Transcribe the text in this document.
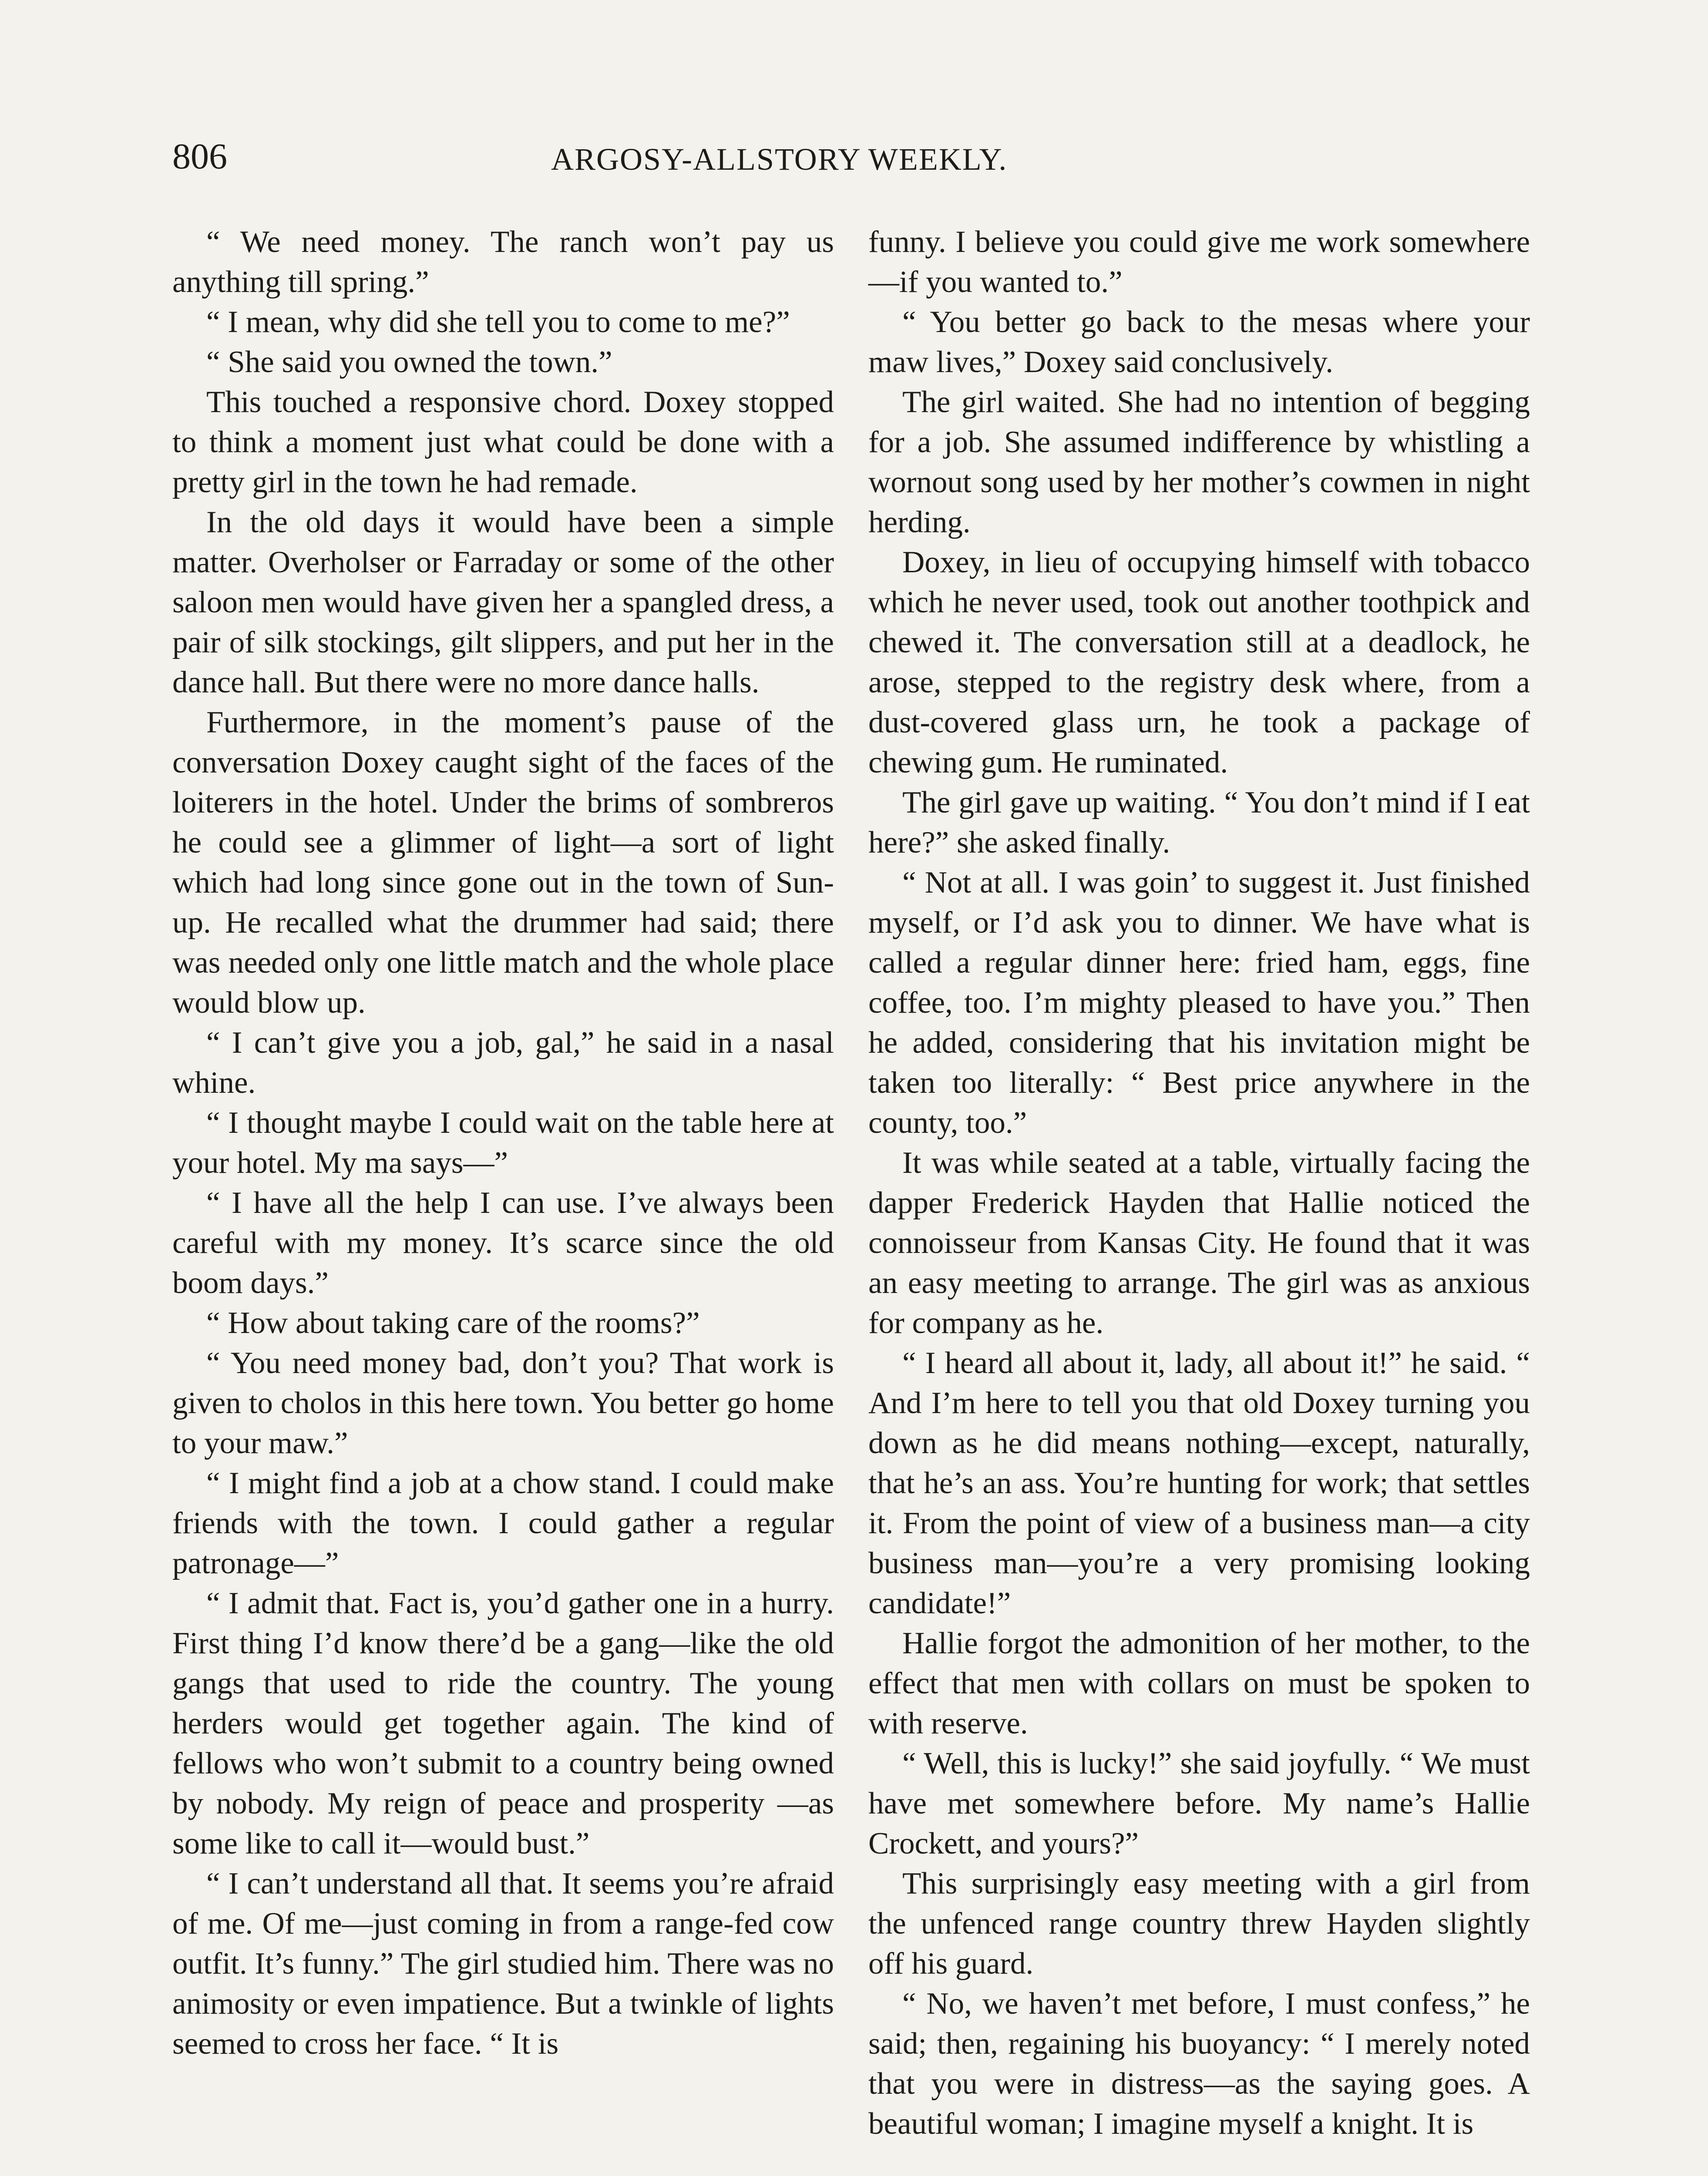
806	ARGOSY-ALLSTORY WEEKLY.

“ We need money. The ranch won’t pay us anything till spring.”

“ I mean, why did she tell you to come to me?”

“ She said you owned the town.”

This touched a responsive chord. Doxey stopped to think a moment just what could be done with a pretty girl in the town he had remade.

In the old days it would have been a simple matter. Overholser or Farraday or some of the other saloon men would have given her a spangled dress, a pair of silk stockings, gilt slippers, and put her in the dance hall. But there were no more dance halls.

Furthermore, in the moment’s pause of the conversation Doxey caught sight of the faces of the loiterers in the hotel. Under the brims of sombreros he could see a glimmer of light—a sort of light which had long since gone out in the town of Sun-up. He recalled what the drummer had said; there was needed only one little match and the whole place would blow up.

“ I can’t give you a job, gal,” he said in a nasal whine.

“ I thought maybe I could wait on the table here at your hotel. My ma says—”

“ I have all the help I can use. I’ve always been careful with my money. It’s scarce since the old boom days.”

“ How about taking care of the rooms?”

“ You need money bad, don’t you? That work is given to cholos in this here town. You better go home to your maw.”

“ I might find a job at a chow stand. I could make friends with the town. I could gather a regular patronage—”

“ I admit that. Fact is, you’d gather one in a hurry. First thing I’d know there’d be a gang—like the old gangs that used to ride the country. The young herders would get together again. The kind of fellows who won’t submit to a country being owned by nobody. My reign of peace and prosperity —as some like to call it—would bust.”

“ I can’t understand all that. It seems you’re afraid of me. Of me—just coming in from a range-fed cow outfit. It’s funny.” The girl studied him. There was no animosity or even impatience. But a twinkle of lights seemed to cross her face. “ It is

funny. I believe you could give me work somewhere—if you wanted to.”

“ You better go back to the mesas where your maw lives,” Doxey said conclusively.

The girl waited. She had no intention of begging for a job. She assumed indifference by whistling a wornout song used by her mother’s cowmen in night herding.

Doxey, in lieu of occupying himself with tobacco which he never used, took out another toothpick and chewed it. The conversation still at a deadlock, he arose, stepped to the registry desk where, from a dust-covered glass urn, he took a package of chewing gum. He ruminated.

The girl gave up waiting. “ You don’t mind if I eat here?” she asked finally.

“ Not at all. I was goin’ to suggest it. Just finished myself, or I’d ask you to dinner. We have what is called a regular dinner here: fried ham, eggs, fine coffee, too. I’m mighty pleased to have you.” Then he added, considering that his invitation might be taken too literally: “ Best price anywhere in the county, too.”

It was while seated at a table, virtually facing the dapper Frederick Hayden that Hallie noticed the connoisseur from Kansas City. He found that it was an easy meeting to arrange. The girl was as anxious for company as he.

“ I heard all about it, lady, all about it!” he said. “ And I’m here to tell you that old Doxey turning you down as he did means nothing—except, naturally, that he’s an ass. You’re hunting for work; that settles it. From the point of view of a business man—a city business man—you’re a very promising looking candidate!”

Hallie forgot the admonition of her mother, to the effect that men with collars on must be spoken to with reserve.

“ Well, this is lucky!” she said joyfully. “ We must have met somewhere before. My name’s Hallie Crockett, and yours?”

This surprisingly easy meeting with a girl from the unfenced range country threw Hayden slightly off his guard.

“ No, we haven’t met before, I must confess,” he said; then, regaining his buoyancy: “ I merely noted that you were in distress—as the saying goes. A beautiful woman; I imagine myself a knight. It is
